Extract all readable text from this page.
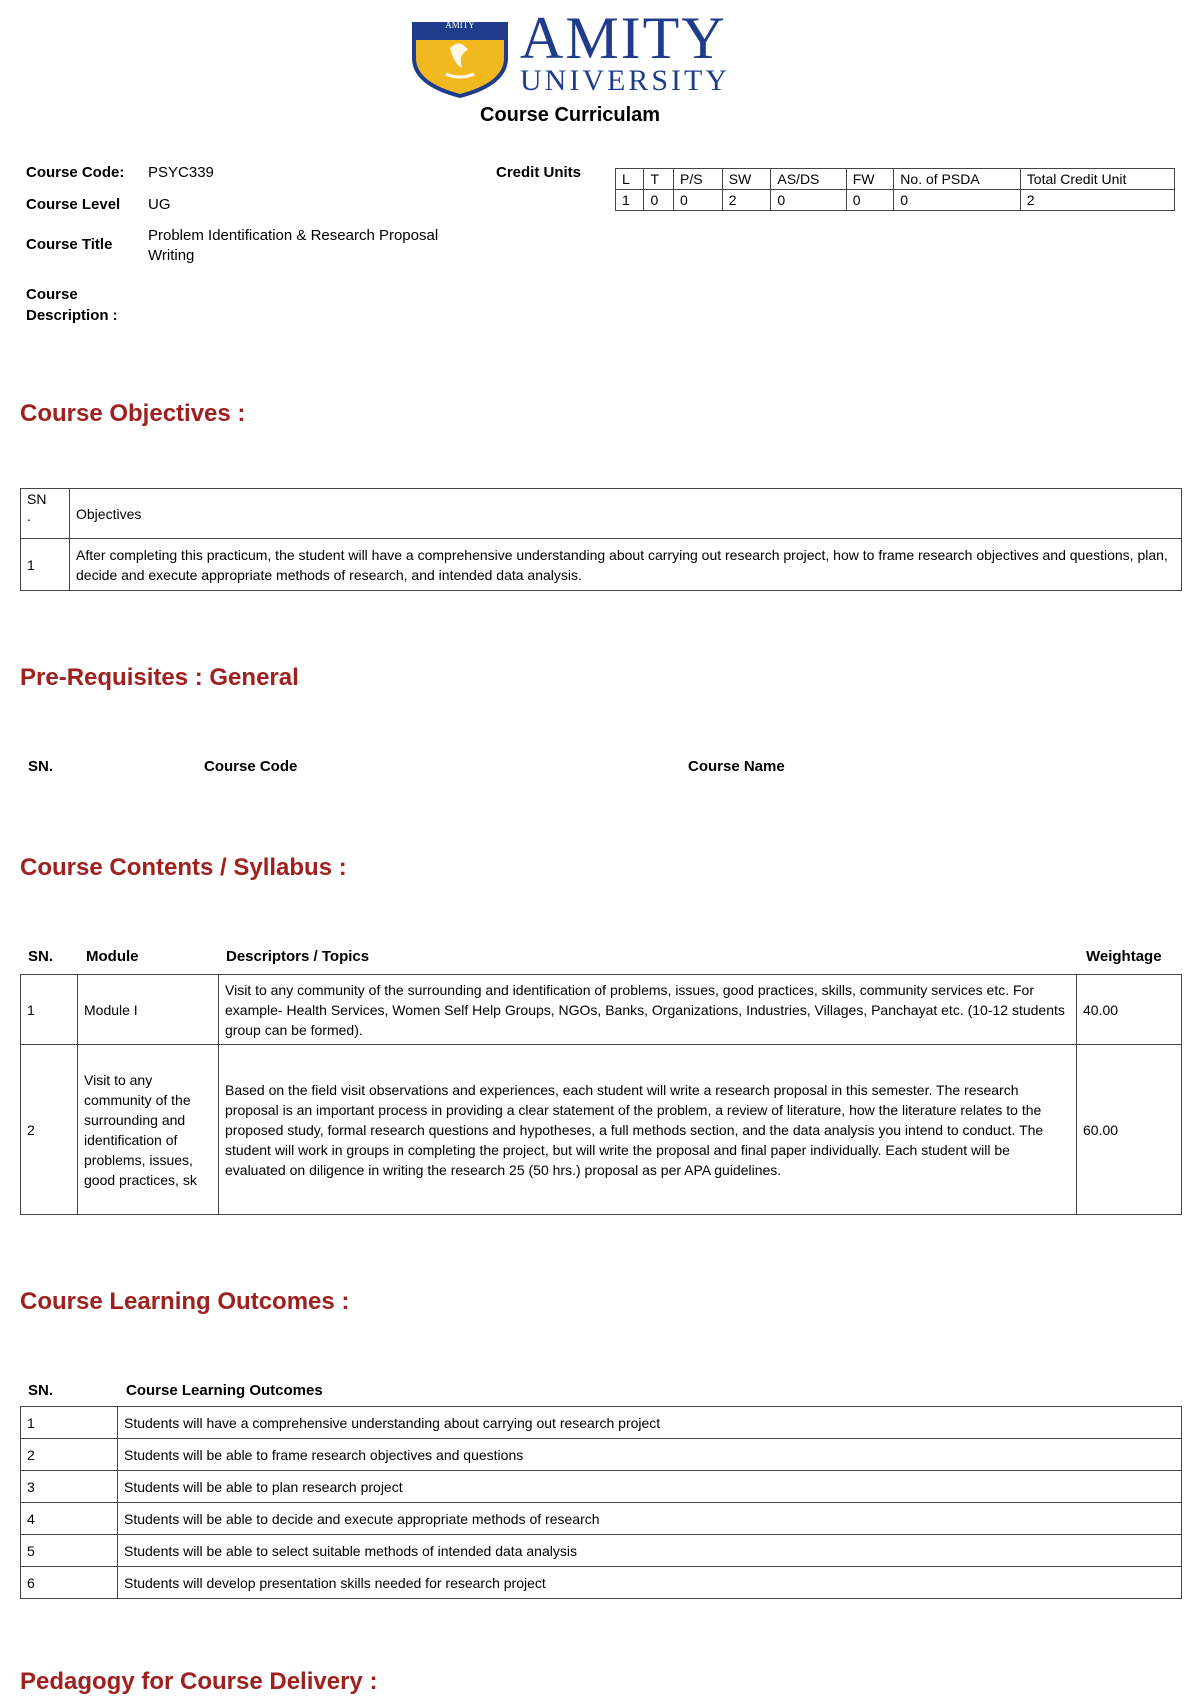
AMITY AMITY
UNIVERSITY
Course Curriculam
Course Code: PSYC339
Course Level UG
Course Title
Problem Identification & Research Proposal Writing
Course
Description :
Credit Units	L	T	P/S	SW	AS/DS	FW	No. of PSDA	Total Credit Unit
1	0	0	2	0	0	0	2
Course Objectives :
SN
.	Objectives
1	After completing this practicum, the student will have a comprehensive understanding about carrying out research project, how to frame research objectives and questions, plan, decide and execute appropriate methods of research, and intended data analysis.
Pre-Requisites : General
SN.	Course Code	Course Name
Course Contents / Syllabus :
SN. Module	Descriptors / Topics	Weightage
1	Module I	Visit to any community of the surrounding and identification of problems, issues, good practices, skills, community services etc. For example- Health Services, Women Self Help Groups, NGOs, Banks, Organizations, Industries, Villages, Panchayat etc. (10-12 students group can be formed).	40.00
2	Visit to any community of the surrounding and identification of problems, issues, good practices, sk	Based on the field visit observations and experiences, each student will write a research proposal in this semester. The research proposal is an important process in providing a clear statement of the problem, a review of literature, how the literature relates to the proposed study, formal research questions and hypotheses, a full methods section, and the data analysis you intend to conduct. The student will work in groups in completing the project, but will write the proposal and final paper individually. Each student will be evaluated on diligence in writing the research 25 (50 hrs.) proposal as per APA guidelines.	60.00
Course Learning Outcomes :
SN.	Course Learning Outcomes
1	Students will have a comprehensive understanding about carrying out research project
2	Students will be able to frame research objectives and questions
3	Students will be able to plan research project
4	Students will be able to decide and execute appropriate methods of research
5	Students will be able to select suitable methods of intended data analysis
6	Students will develop presentation skills needed for research project
Pedagogy for Course Delivery :
